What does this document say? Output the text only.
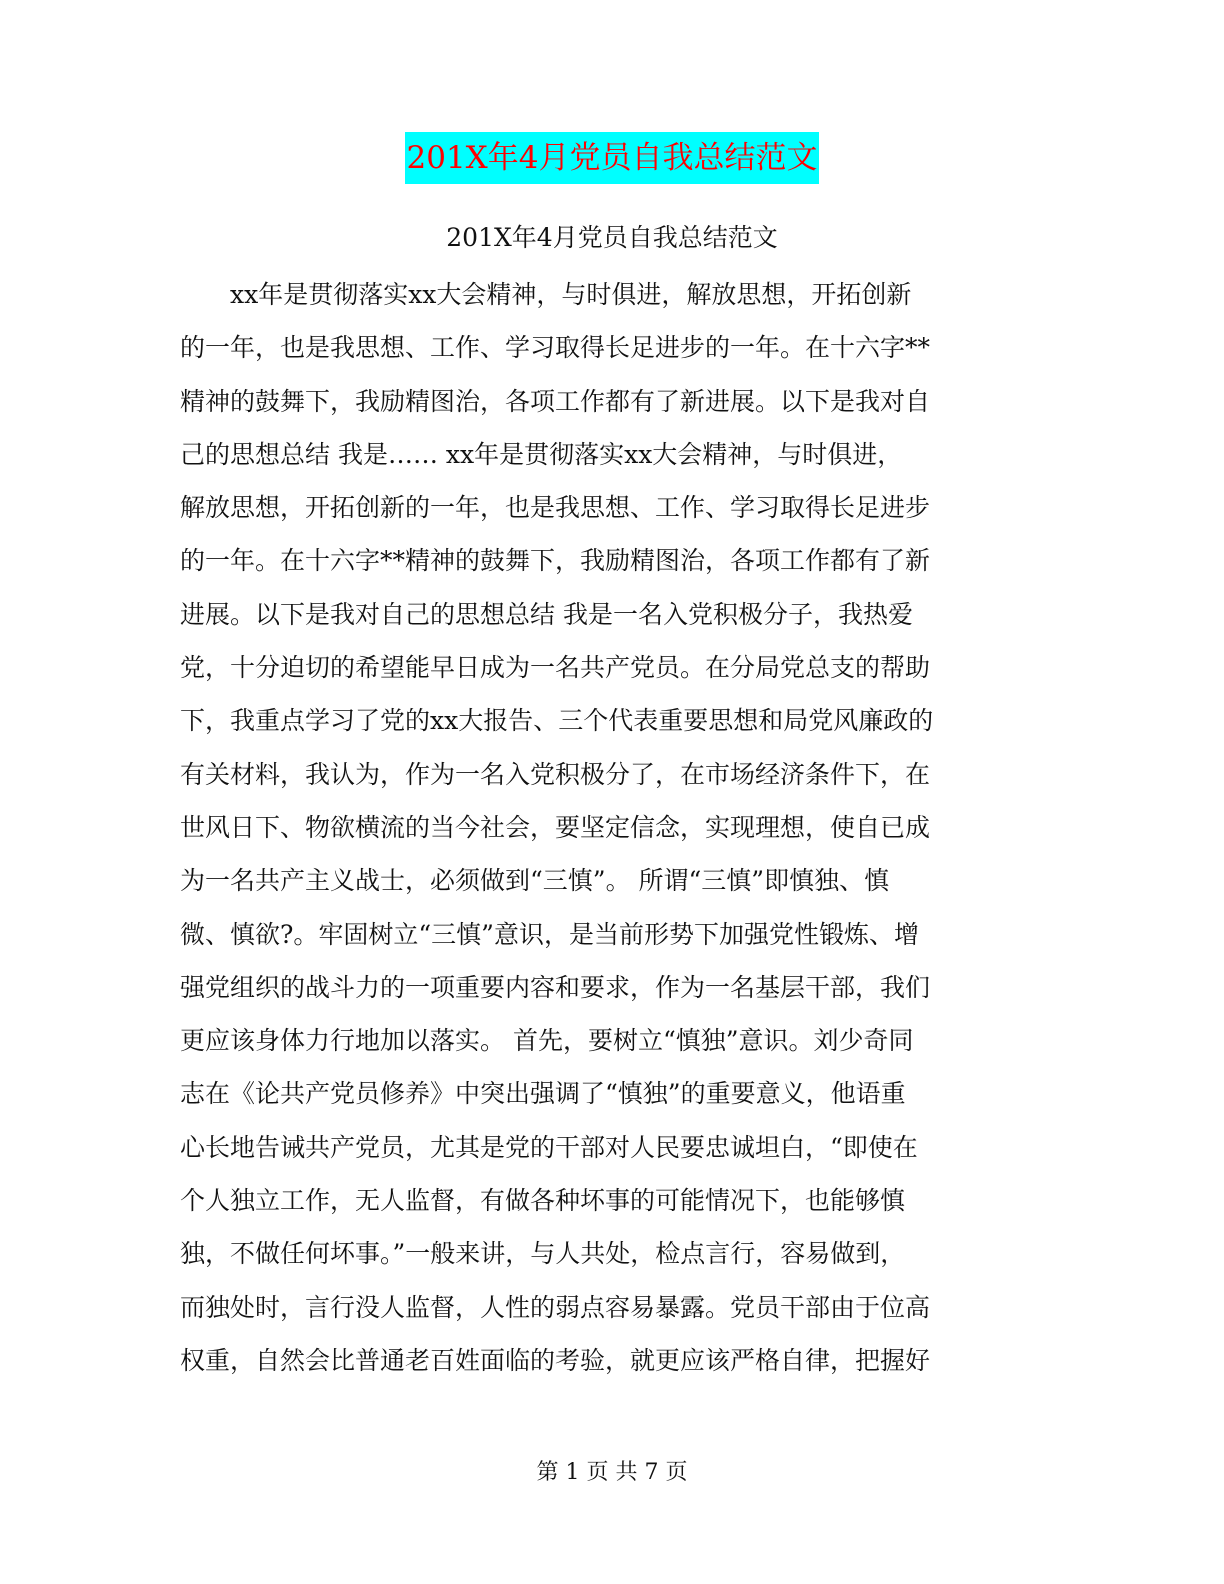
201X年4月党员自我总结范文
201X年4月党员自我总结范文
　　xx年是贯彻落实xx大会精神，与时俱进，解放思想，开拓创新
的一年，也是我思想、工作、学习取得长足进步的一年。在十六字**
精神的鼓舞下，我励精图治，各项工作都有了新进展。以下是我对自
己的思想总结 我是…… xx年是贯彻落实xx大会精神，与时俱进，
解放思想，开拓创新的一年，也是我思想、工作、学习取得长足进步
的一年。在十六字**精神的鼓舞下，我励精图治，各项工作都有了新
进展。以下是我对自己的思想总结 我是一名入党积极分子，我热爱
党，十分迫切的希望能早日成为一名共产党员。在分局党总支的帮助
下，我重点学习了党的xx大报告、三个代表重要思想和局党风廉政的
有关材料，我认为，作为一名入党积极分了，在市场经济条件下，在
世风日下、物欲横流的当今社会，要坚定信念，实现理想，使自已成
为一名共产主义战士，必须做到“三慎”。 所谓“三慎”即慎独、慎
微、慎欲?。牢固树立“三慎”意识，是当前形势下加强党性锻炼、增
强党组织的战斗力的一项重要内容和要求，作为一名基层干部，我们
更应该身体力行地加以落实。 首先，要树立“慎独”意识。刘少奇同
志在《论共产党员修养》中突出强调了“慎独”的重要意义，他语重
心长地告诫共产党员，尤其是党的干部对人民要忠诚坦白，“即使在
个人独立工作，无人监督，有做各种坏事的可能情况下，也能够慎
独，不做任何坏事。”一般来讲，与人共处，检点言行，容易做到，
而独处时，言行没人监督，人性的弱点容易暴露。党员干部由于位高
权重，自然会比普通老百姓面临的考验，就更应该严格自律，把握好
第 1 页 共 7 页
